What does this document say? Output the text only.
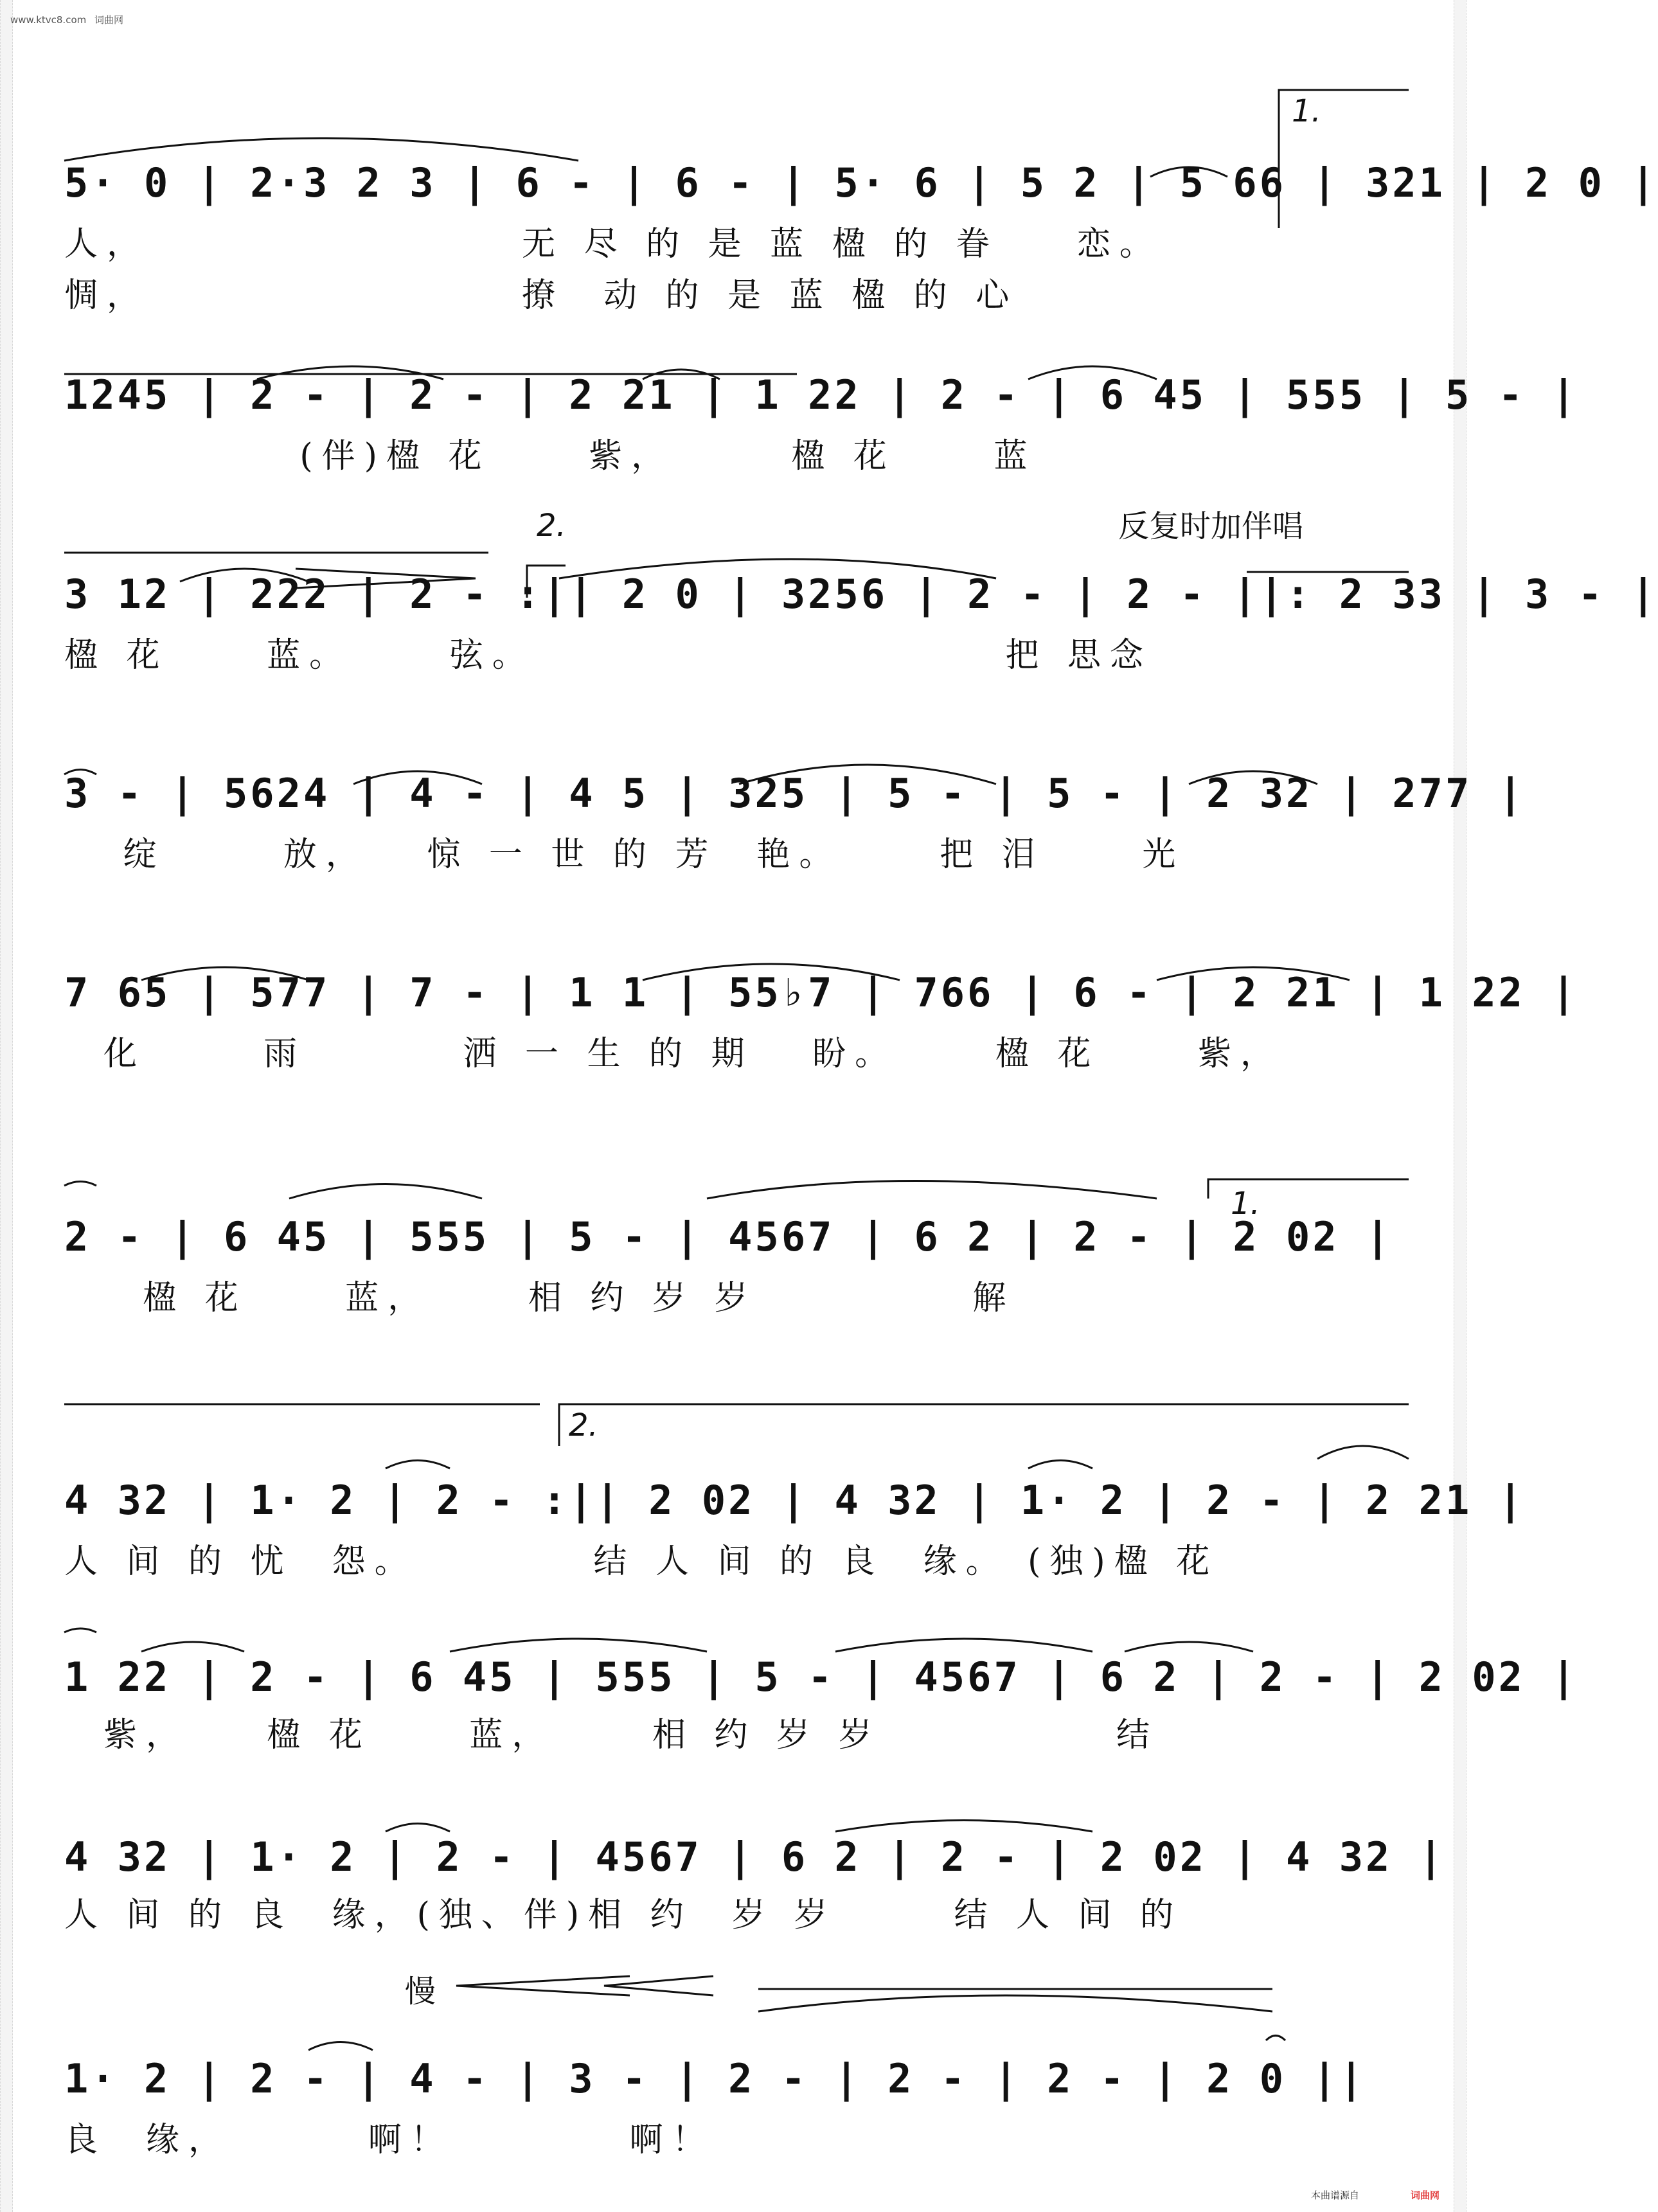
www.ktvc8.com 词曲网
1.
5· 0 | 2·3 2 3 | 6 - | 6 - | 5· 6 | 5 2 | 5 66 | 321 | 2 0 |
人，                   无 尽 的 是 蓝 楹 的 眷    恋。
惆，                   撩  动 的 是 蓝 楹 的 心
1245 | 2 - | 2 - | 2 21 | 1 22 | 2 - | 6 45 | 555 | 5 - |
(伴)楹 花     紫，      楹 花     蓝
2.	反复时加伴唱
3 12 | 222 | 2 - :|| 2 0 | 3256 | 2 - | 2 - ||: 2 33 | 3 - |
楹 花     蓝。     弦。                        把 思念
3 - | 5624 | 4 - | 4 5 | 325 | 5 - | 5 - | 2 32 | 277 |
绽      放，   惊 一 世 的 芳  艳。     把 泪     光
7 65 | 577 | 7 - | 1 1 | 55♭7 | 766 | 6 - | 2 21 | 1 22 |
化      雨        洒 一 生 的 期   盼。     楹 花     紫，
1.
2 - | 6 45 | 555 | 5 - | 4567 | 6 2 | 2 - | 2 02 |
楹 花     蓝，     相 约 岁 岁           解
2.
4 32 | 1· 2 | 2 - :|| 2 02 | 4 32 | 1· 2 | 2 - | 2 21 |
人 间 的 忧  怨。         结 人 间 的 良  缘。 (独)楹 花
1 22 | 2 - | 6 45 | 555 | 5 - | 4567 | 6 2 | 2 - | 2 02 |
紫，    楹 花     蓝，     相 约 岁 岁            结
4 32 | 1· 2 | 2 - | 4567 | 6 2 | 2 - | 2 02 | 4 32 |
人 间 的 良  缘，(独、伴)相 约  岁 岁      结 人 间 的
慢
1· 2 | 2 - | 4 - | 3 - | 2 - | 2 - | 2 - | 2 0 ||
良  缘，       啊！         啊！
本曲谱源自	词曲网
